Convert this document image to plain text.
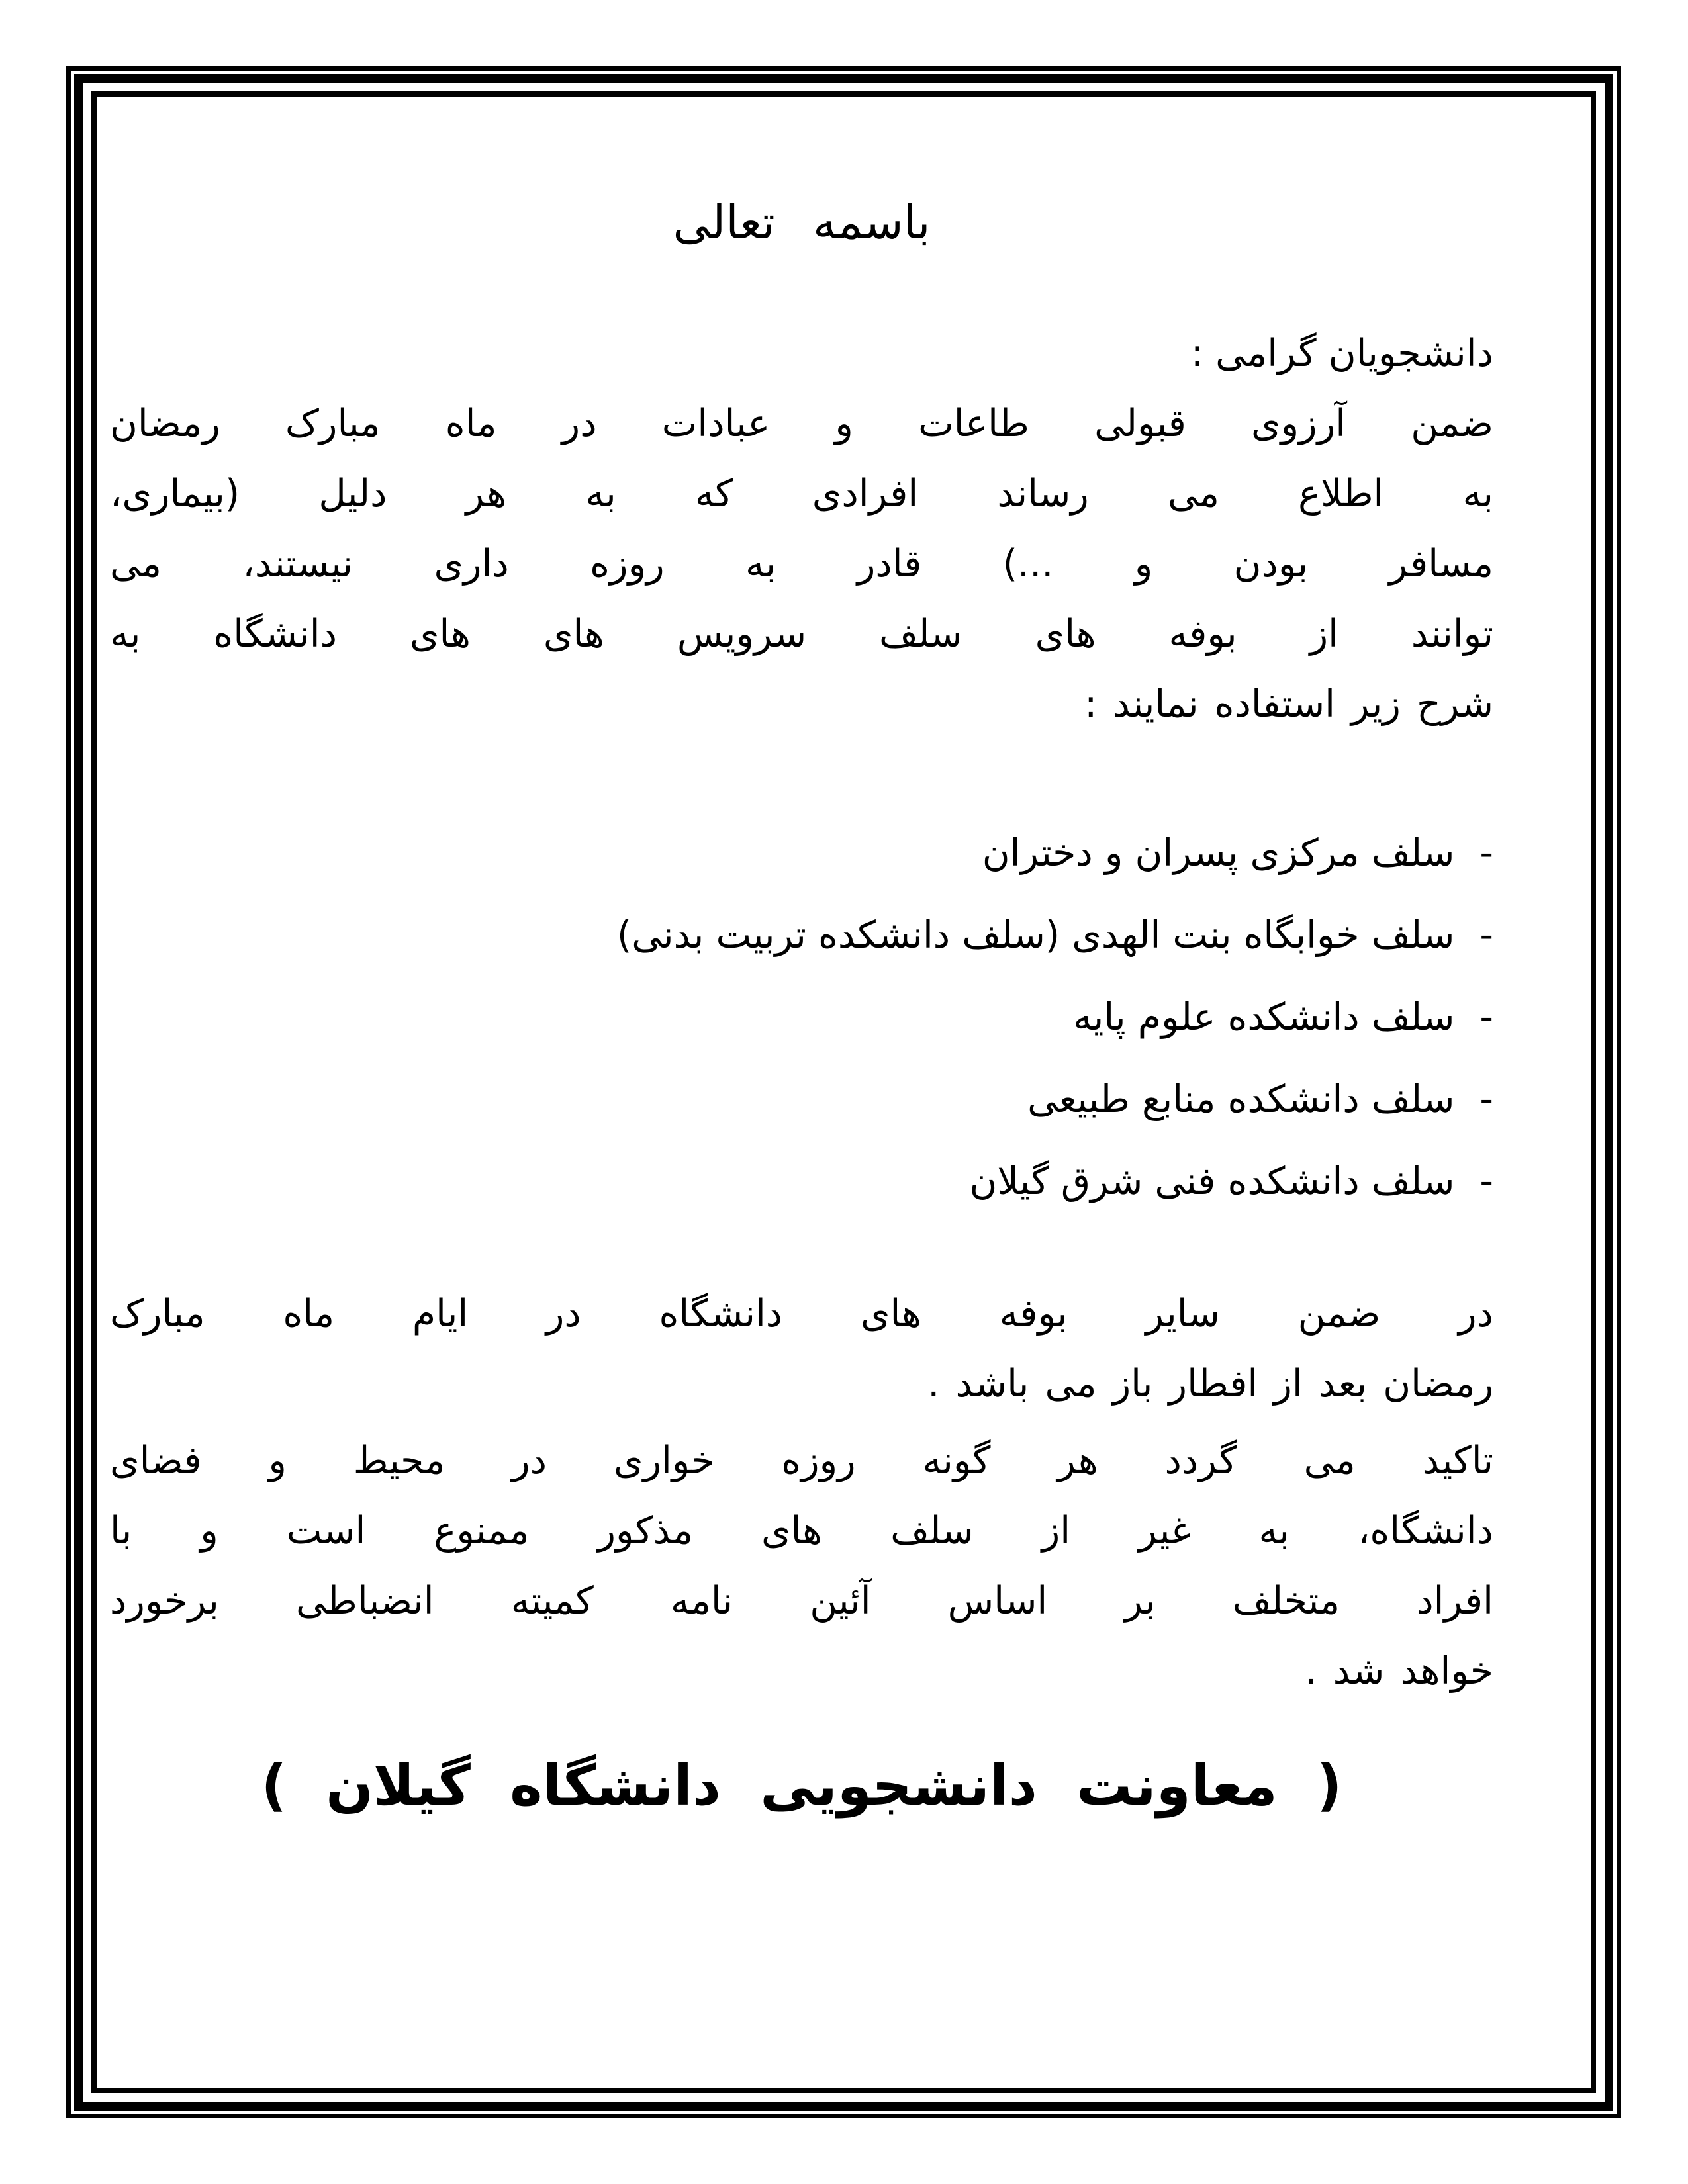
باسمه تعالی
دانشجویان گرامی :
ضمن آرزوی قبولی طاعات و عبادات در ماه مبارک رمضان
به اطلاع می رساند افرادی که به هر دلیل (بیماری،
مسافر بودن و ...) قادر به روزه داری نیستند، می
توانند از بوفه های سلف سرویس های های دانشگاه به
شرح زیر استفاده نمایند :
-سلف مرکزی پسران و دختران
-سلف خوابگاه بنت الهدی (سلف دانشکده تربیت بدنی)
-سلف دانشکده علوم پایه
-سلف دانشکده منابع طبیعی
-سلف دانشکده فنی شرق گیلان
در ضمن سایر بوفه های دانشگاه در ایام ماه مبارک
رمضان بعد از افطار باز می باشد .
تاکید می گردد هر گونه روزه خواری در محیط و فضای
دانشگاه، به غیر از سلف های مذکور ممنوع است و با
افراد متخلف بر اساس آئین نامه کمیته انضباطی برخورد
خواهد شد .
( معاونت دانشجویی دانشگاه گیلان )
